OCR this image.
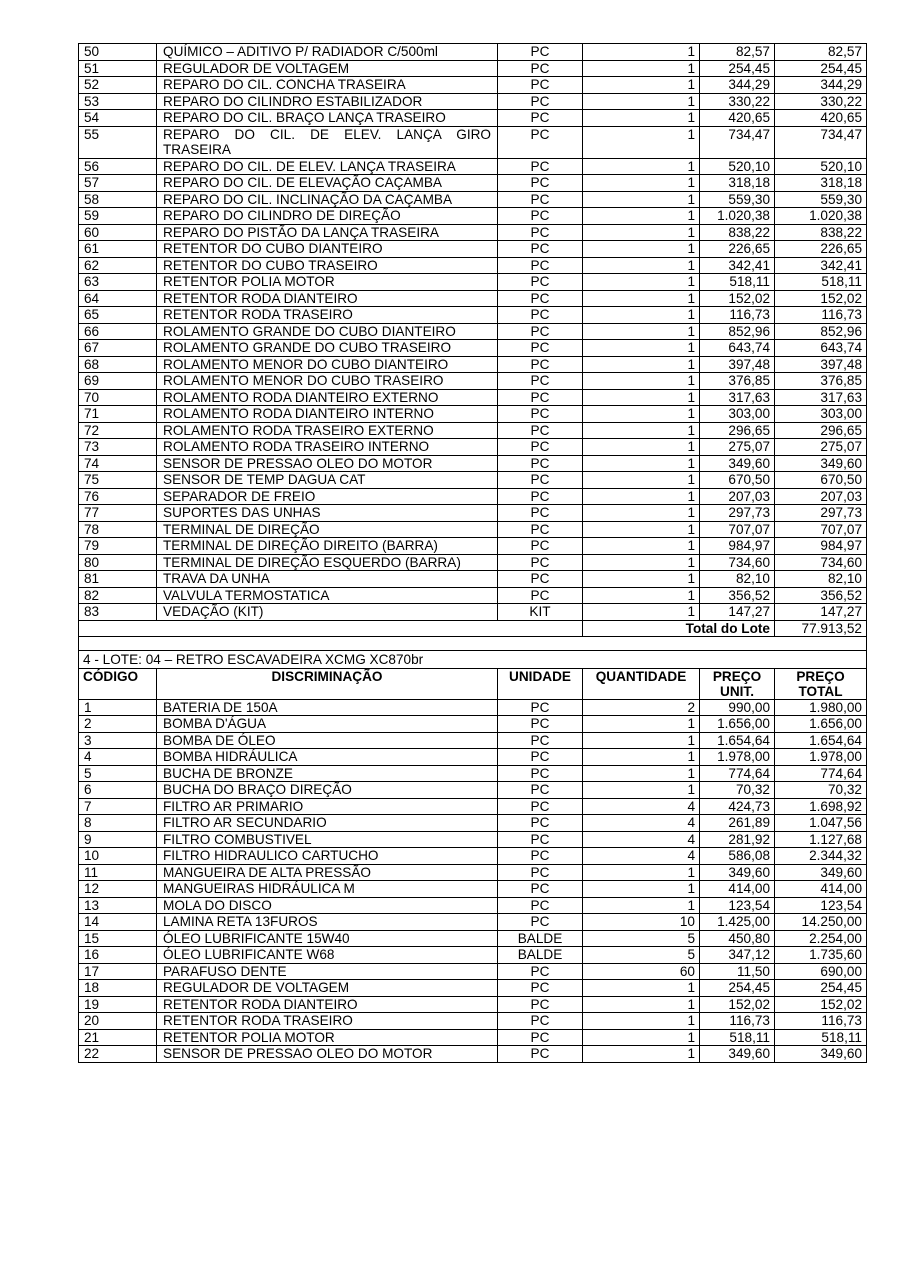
50	QUÍMICO – ADITIVO P/ RADIADOR C/500ml	PC	1	82,57	82,57
51	REGULADOR DE VOLTAGEM	PC	1	254,45	254,45
52	REPARO DO CIL. CONCHA TRASEIRA	PC	1	344,29	344,29
53	REPARO DO CILINDRO ESTABILIZADOR	PC	1	330,22	330,22
54	REPARO DO CIL. BRAÇO LANÇA TRASEIRO	PC	1	420,65	420,65
55	REPARO DO CIL. DE ELEV. LANÇA GIRO TRASEIRA	PC	1	734,47	734,47
56	REPARO DO CIL. DE ELEV. LANÇA TRASEIRA	PC	1	520,10	520,10
57	REPARO DO CIL. DE ELEVAÇÃO CAÇAMBA	PC	1	318,18	318,18
58	REPARO DO CIL. INCLINAÇÃO DA CAÇAMBA	PC	1	559,30	559,30
59	REPARO DO CILINDRO DE DIREÇÃO	PC	1	1.020,38	1.020,38
60	REPARO DO PISTÃO DA LANÇA TRASEIRA	PC	1	838,22	838,22
61	RETENTOR DO CUBO DIANTEIRO	PC	1	226,65	226,65
62	RETENTOR DO CUBO TRASEIRO	PC	1	342,41	342,41
63	RETENTOR POLIA MOTOR	PC	1	518,11	518,11
64	RETENTOR RODA DIANTEIRO	PC	1	152,02	152,02
65	RETENTOR RODA TRASEIRO	PC	1	116,73	116,73
66	ROLAMENTO GRANDE DO CUBO DIANTEIRO	PC	1	852,96	852,96
67	ROLAMENTO GRANDE DO CUBO TRASEIRO	PC	1	643,74	643,74
68	ROLAMENTO MENOR DO CUBO DIANTEIRO	PC	1	397,48	397,48
69	ROLAMENTO MENOR DO CUBO TRASEIRO	PC	1	376,85	376,85
70	ROLAMENTO RODA DIANTEIRO EXTERNO	PC	1	317,63	317,63
71	ROLAMENTO RODA DIANTEIRO INTERNO	PC	1	303,00	303,00
72	ROLAMENTO RODA TRASEIRO EXTERNO	PC	1	296,65	296,65
73	ROLAMENTO RODA TRASEIRO INTERNO	PC	1	275,07	275,07
74	SENSOR DE PRESSAO OLEO DO MOTOR	PC	1	349,60	349,60
75	SENSOR DE TEMP DAGUA CAT	PC	1	670,50	670,50
76	SEPARADOR DE FREIO	PC	1	207,03	207,03
77	SUPORTES DAS UNHAS	PC	1	297,73	297,73
78	TERMINAL DE DIREÇÃO	PC	1	707,07	707,07
79	TERMINAL DE DIREÇÃO DIREITO (BARRA)	PC	1	984,97	984,97
80	TERMINAL DE DIREÇÃO ESQUERDO (BARRA)	PC	1	734,60	734,60
81	TRAVA DA UNHA	PC	1	82,10	82,10
82	VALVULA TERMOSTATICA	PC	1	356,52	356,52
83	VEDAÇÃO (KIT)	KIT	1	147,27	147,27
			Total do Lote		77.913,52

4 - LOTE: 04 – RETRO ESCAVADEIRA XCMG XC870br					
CÓDIGO	DISCRIMINAÇÃO	UNIDADE	QUANTIDADE	PREÇO UNIT.	PREÇO TOTAL
1	BATERIA DE 150A	PC	2	990,00	1.980,00
2	BOMBA D'ÁGUA	PC	1	1.656,00	1.656,00
3	BOMBA DE ÓLEO	PC	1	1.654,64	1.654,64
4	BOMBA HIDRÁULICA	PC	1	1.978,00	1.978,00
5	BUCHA DE BRONZE	PC	1	774,64	774,64
6	BUCHA DO BRAÇO DIREÇÃO	PC	1	70,32	70,32
7	FILTRO AR PRIMARIO	PC	4	424,73	1.698,92
8	FILTRO AR SECUNDARIO	PC	4	261,89	1.047,56
9	FILTRO COMBUSTIVEL	PC	4	281,92	1.127,68
10	FILTRO HIDRAULICO CARTUCHO	PC	4	586,08	2.344,32
11	MANGUEIRA DE ALTA PRESSÃO	PC	1	349,60	349,60
12	MANGUEIRAS HIDRÁULICA M	PC	1	414,00	414,00
13	MOLA DO DISCO	PC	1	123,54	123,54
14	LAMINA RETA 13FUROS	PC	10	1.425,00	14.250,00
15	ÓLEO LUBRIFICANTE 15W40	BALDE	5	450,80	2.254,00
16	ÓLEO LUBRIFICANTE W68	BALDE	5	347,12	1.735,60
17	PARAFUSO DENTE	PC	60	11,50	690,00
18	REGULADOR DE VOLTAGEM	PC	1	254,45	254,45
19	RETENTOR RODA DIANTEIRO	PC	1	152,02	152,02
20	RETENTOR RODA TRASEIRO	PC	1	116,73	116,73
21	RETENTOR POLIA MOTOR	PC	1	518,11	518,11
22	SENSOR DE PRESSAO OLEO DO MOTOR	PC	1	349,60	349,60
